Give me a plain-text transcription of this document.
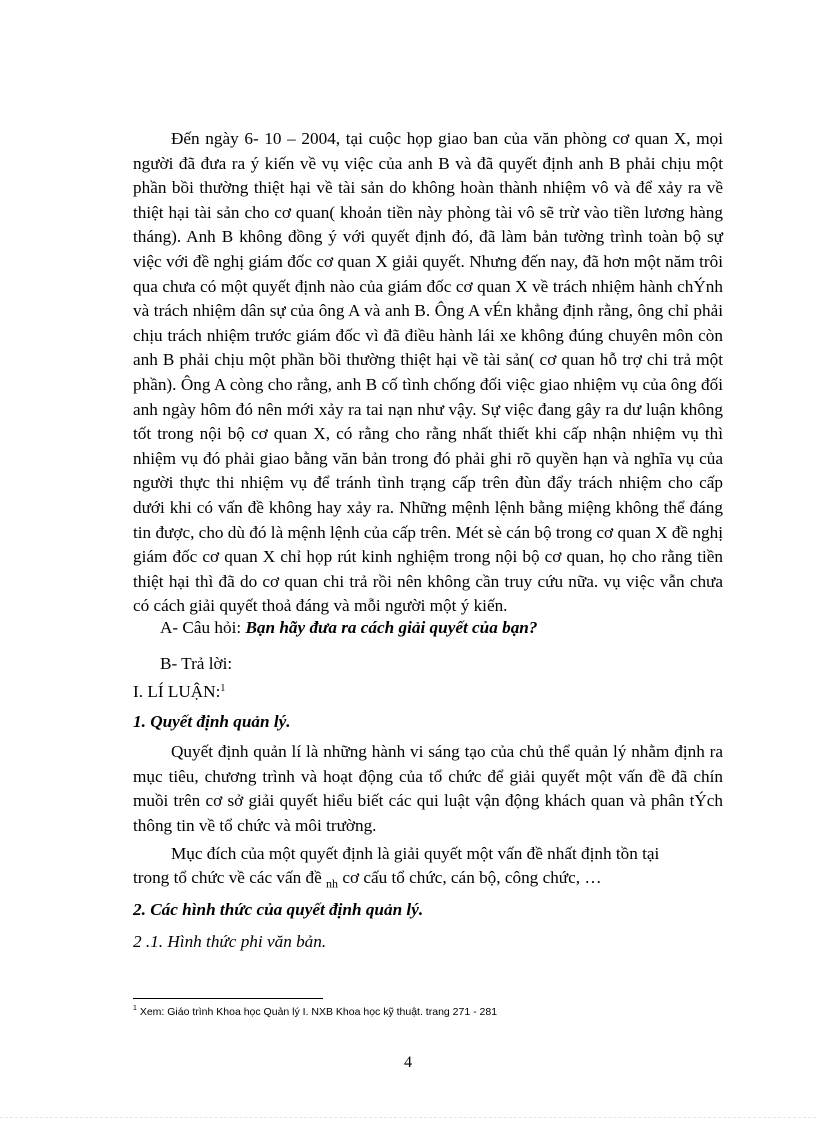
Đến ngày 6- 10 – 2004, tại cuộc họp giao ban của văn phòng cơ quan X, mọi người đã đưa ra ý kiến về vụ việc của anh B và đã quyết định anh B phải chịu một phần bồi thường thiệt hại về tài sản do không hoàn thành nhiệm vô và để xảy ra về thiệt hại tài sản cho cơ quan( khoản tiền này phòng tài vô sẽ trừ vào tiền lương hàng tháng). Anh B không đồng ý với quyết định đó, đã làm bản tường trình toàn bộ sự việc với đề nghị giám đốc cơ quan X giải quyết. Nhưng đến nay, đã hơn một năm trôi qua chưa có một quyết định nào của giám đốc cơ quan X về trách nhiệm hành chÝnh và trách nhiệm dân sự của ông A và anh B. Ông A vÉn khẳng định rằng, ông chỉ phải chịu trách nhiệm trước giám đốc vì đã điều hành lái xe không đúng chuyên môn còn anh B phải chịu một phần bồi thường thiệt hại về tài sản( cơ quan hỗ trợ chi trả một phần). Ông A còng cho rằng, anh B cố tình chống đối việc giao nhiệm vụ của ông đối anh ngày hôm đó nên mới xảy ra tai nạn như vậy. Sự việc đang gây ra dư luận không tốt trong nội bộ cơ quan X, có rằng cho rằng nhất thiết khi cấp nhận nhiệm vụ thì nhiệm vụ đó phải giao bằng văn bản trong đó phải ghi rõ quyền hạn và nghĩa vụ của người thực thi nhiệm vụ để tránh tình trạng cấp trên đùn đẩy trách nhiệm cho cấp dưới khi có vấn đề không hay xảy ra. Những mệnh lệnh bằng miệng không thể đáng tin được, cho dù đó là mệnh lệnh của cấp trên. Mét sè cán bộ trong cơ quan X đề nghị giám đốc cơ quan X chỉ họp rút kinh nghiệm trong nội bộ cơ quan, họ cho rằng tiền thiệt hại thì đã do cơ quan chi trả rồi nên không cần truy cứu nữa. vụ việc vẫn chưa có cách giải quyết thoả đáng và mỗi người một ý kiến.

A- Câu hỏi: Bạn hãy đưa ra cách giải quyết của bạn?

B- Trả lời:

I. LÍ LUẬN:$^1$

1. Quyết định quản lý.

Quyết định quản lí là những hành vi sáng tạo của chủ thể quản lý nhằm định ra mục tiêu, chương trình và hoạt động của tổ chức để giải quyết một vấn đề đã chín muồi trên cơ sở giải quyết hiểu biết các qui luật vận động khách quan và phân tÝch thông tin về tổ chức và môi trường.

Mục đích của một quyết định là giải quyết một vấn đề nhất định tồn tại

trong tổ chức về các vấn đề $_{nh}$ cơ cấu tổ chức, cán bộ, công chức, …

2. Các hình thức của quyết định quản lý.

2 .1. Hình thức phi văn bản.

$^1$ Xem: Giáo trình Khoa học Quản lý I. NXB Khoa học kỹ thuật. trang 271 - 281
4
